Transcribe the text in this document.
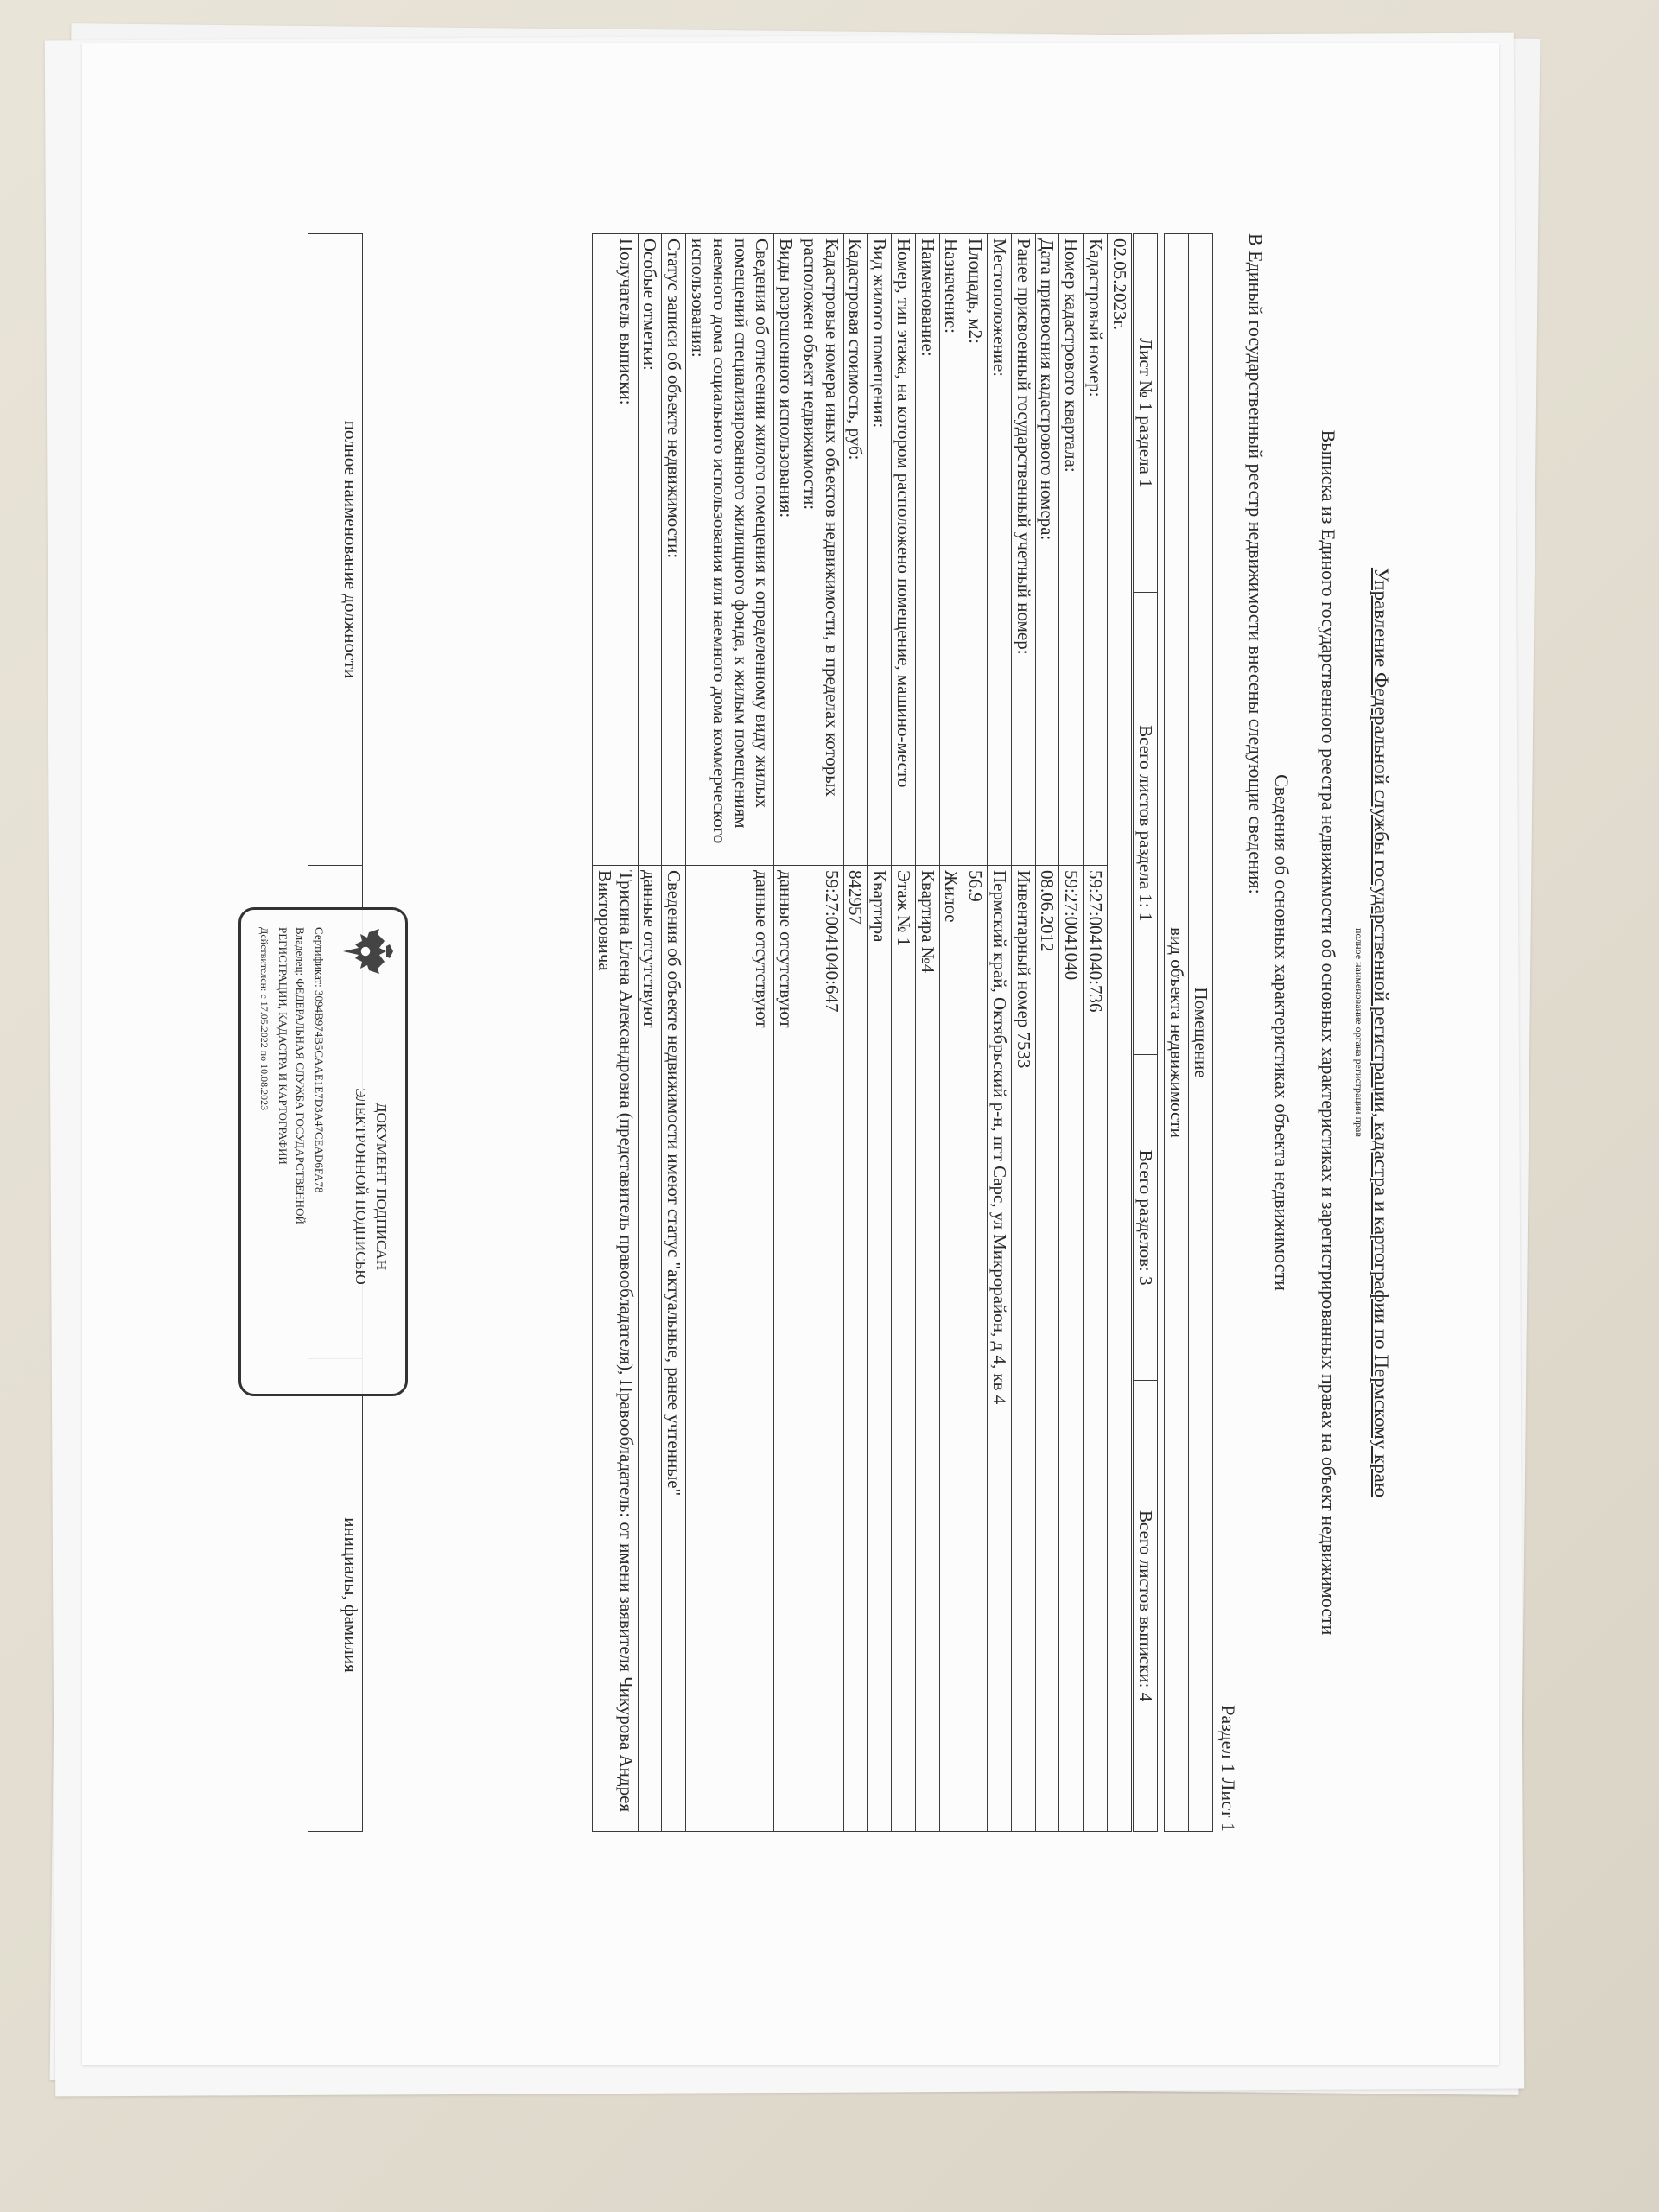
Управление Федеральной службы государственной регистрации, кадастра и картографии по Пермскому краю
полное наименование органа регистрации прав
Выписка из Единого государственного реестра недвижимости об основных характеристиках и зарегистрированных правах на объект недвижимости
Сведения об основных характеристиках объекта недвижимости
В Единый государственный реестр недвижимости внесены следующие сведения:
Раздел 1 Лист 1
Помещение
вид объекта недвижимости
Лист № 1 раздела 1	Всего листов раздела 1: 1	Всего разделов: 3	Всего листов выписки: 4
02.05.2023г.
Кадастровый номер:	59:27:0041040:736
Номер кадастрового квартала:	59:27:0041040
Дата присвоения кадастрового номера:	08.06.2012
Ранее присвоенный государственный учетный номер:	Инвентарный номер 7533
Местоположение:	Пермский край, Октябрьский р-н, пгт Сарс, ул Микрорайон, д 4, кв 4
Площадь, м2:	56.9
Назначение:	Жилое
Наименование:	Квартира №4
Номер, тип этажа, на котором расположено помещение, машино-место	Этаж № 1
Вид жилого помещения:	Квартира
Кадастровая стоимость, руб:	842957
Кадастровые номера иных объектов недвижимости, в пределах которых расположен объект недвижимости:	59:27:0041040:647
Виды разрешенного использования:	данные отсутствуют
Сведения об отнесении жилого помещения к определенному виду жилых помещений специализированного жилищного фонда, к жилым помещениям наемного дома социального использования или наемного дома коммерческого использования:	данные отсутствуют
Статус записи об объекте недвижимости:	Сведения об объекте недвижимости имеют статус "актуальные, ранее учтенные"
Особые отметки:	данные отсутствуют
Получатель выписки:	Трисина Елена Александровна (представитель правообладателя), Правообладатель: от имени заявителя Чикурова Андрея Викторовича
полное наименование должности		инициалы, фамилия
ДОКУМЕНТ ПОДПИСАН
ЭЛЕКТРОННОЙ ПОДПИСЬЮ
Сертификат: 3094B974B5CAAE1E7D3A47CEAD6FA78
Владелец: ФЕДЕРАЛЬНАЯ СЛУЖБА ГОСУДАРСТВЕННОЙ
РЕГИСТРАЦИИ, КАДАСТРА И КАРТОГРАФИИ
Действителен: с 17.05.2022 по 10.08.2023
